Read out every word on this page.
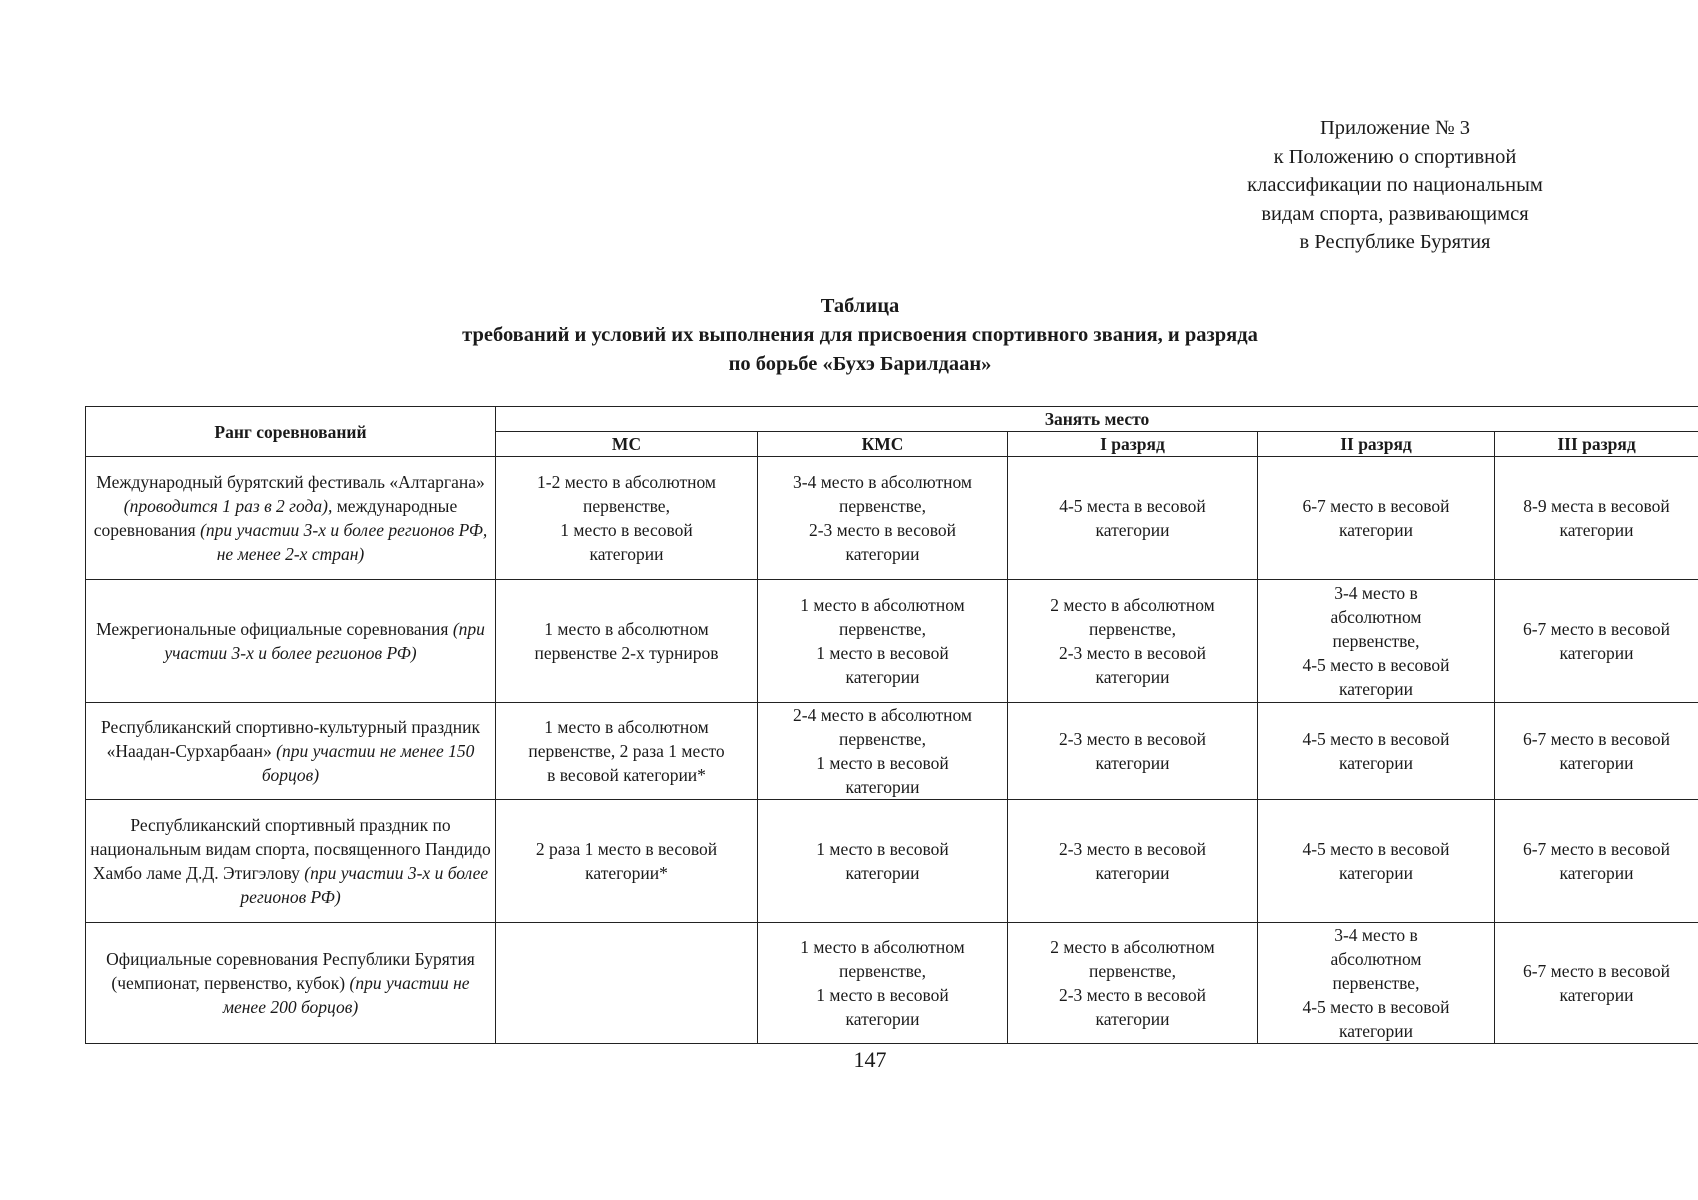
Приложение № 3
к Положению о спортивной
классификации по национальным
видам спорта, развивающимся
в Республике Бурятия
Таблица
требований и условий их выполнения для присвоения спортивного звания, и разряда
по борьбе «Бухэ Барилдаан»
Ранг соревнований	Занять место				
	МС	КМС	I разряд	II разряд	III разряд
Международный бурятский фестиваль «Алтаргана» (проводится 1 раз в 2 года), международные соревнования (при участии 3-х и более регионов РФ, не менее 2-х стран)	1-2 место в абсолютном
первенстве,
1 место в весовой
категории	3-4 место в абсолютном
первенстве,
2-3 место в весовой
категории	4-5 места в весовой
категории	6-7 место в весовой
категории	8-9 места в весовой
категории

Межрегиональные официальные соревнования (при участии 3-х и более регионов РФ)	1 место в абсолютном
первенстве 2-х турниров	1 место в абсолютном
первенстве,
1 место в весовой
категории	2 место в абсолютном
первенстве,
2-3 место в весовой
категории	3-4 место в
абсолютном
первенстве,
4-5 место в весовой
категории	6-7 место в весовой
категории

Республиканский спортивно-культурный праздник «Наадан-Сурхарбаан» (при участии не менее 150 борцов)	1 место в абсолютном
первенстве, 2 раза 1 место
в весовой категории*	2-4 место в абсолютном
первенстве,
1 место в весовой
категории	2-3 место в весовой
категории	4-5 место в весовой
категории	6-7 место в весовой
категории

Республиканский спортивный праздник по национальным видам спорта, посвященного Пандидо Хамбо ламе Д.Д. Этигэлову (при участии 3-х и более регионов РФ)	2 раза 1 место в весовой
категории*	1 место в весовой
категории	2-3 место в весовой
категории	4-5 место в весовой
категории	6-7 место в весовой
категории

Официальные соревнования Республики Бурятия (чемпионат, первенство, кубок) (при участии не менее 200 борцов)		1 место в абсолютном
первенстве,
1 место в весовой
категории	2 место в абсолютном
первенстве,
2-3 место в весовой
категории	3-4 место в
абсолютном
первенстве,
4-5 место в весовой
категории	6-7 место в весовой
категории
147
